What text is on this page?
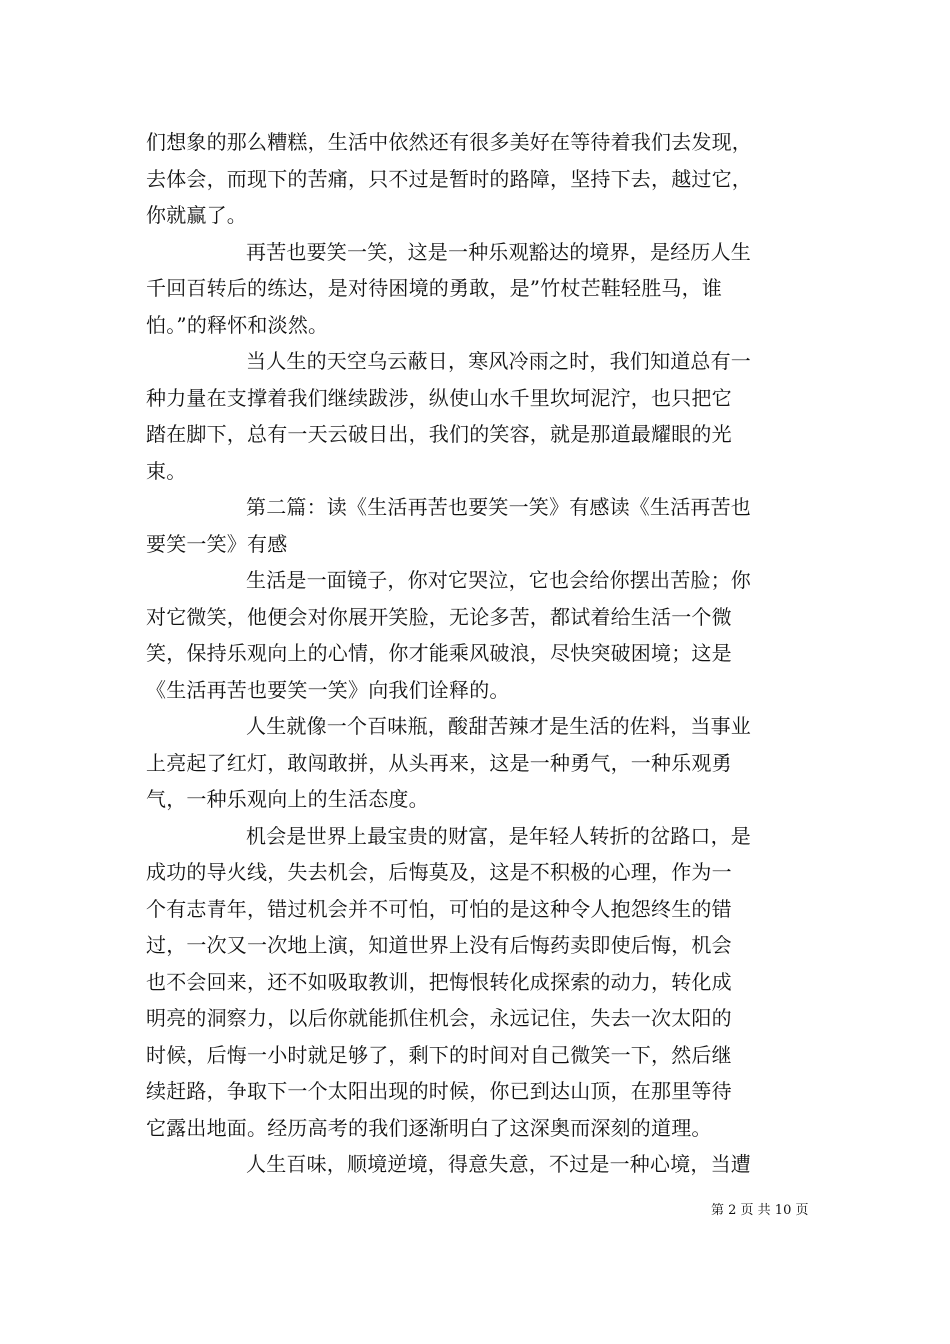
们想象的那么糟糕，生活中依然还有很多美好在等待着我们去发现，
去体会，而现下的苦痛，只不过是暂时的路障，坚持下去，越过它，
你就赢了。
再苦也要笑一笑，这是一种乐观豁达的境界，是经历人生
千回百转后的练达，是对待困境的勇敢，是”竹杖芒鞋轻胜马，谁
怕。”的释怀和淡然。
当人生的天空乌云蔽日，寒风冷雨之时，我们知道总有一
种力量在支撑着我们继续跋涉，纵使山水千里坎坷泥泞，也只把它
踏在脚下，总有一天云破日出，我们的笑容，就是那道最耀眼的光
束。
第二篇：读《生活再苦也要笑一笑》有感读《生活再苦也
要笑一笑》有感
生活是一面镜子，你对它哭泣，它也会给你摆出苦脸；你
对它微笑，他便会对你展开笑脸，无论多苦，都试着给生活一个微
笑，保持乐观向上的心情，你才能乘风破浪，尽快突破困境；这是
《生活再苦也要笑一笑》向我们诠释的。
人生就像一个百味瓶，酸甜苦辣才是生活的佐料，当事业
上亮起了红灯，敢闯敢拼，从头再来，这是一种勇气，一种乐观勇
气，一种乐观向上的生活态度。
机会是世界上最宝贵的财富，是年轻人转折的岔路口，是
成功的导火线，失去机会，后悔莫及，这是不积极的心理，作为一
个有志青年，错过机会并不可怕，可怕的是这种令人抱怨终生的错
过，一次又一次地上演，知道世界上没有后悔药卖即使后悔，机会
也不会回来，还不如吸取教训，把悔恨转化成探索的动力，转化成
明亮的洞察力，以后你就能抓住机会，永远记住，失去一次太阳的
时候，后悔一小时就足够了，剩下的时间对自己微笑一下，然后继
续赶路，争取下一个太阳出现的时候，你已到达山顶，在那里等待
它露出地面。经历高考的我们逐渐明白了这深奥而深刻的道理。
人生百味，顺境逆境，得意失意，不过是一种心境，当遭
第 2 页 共 10 页
